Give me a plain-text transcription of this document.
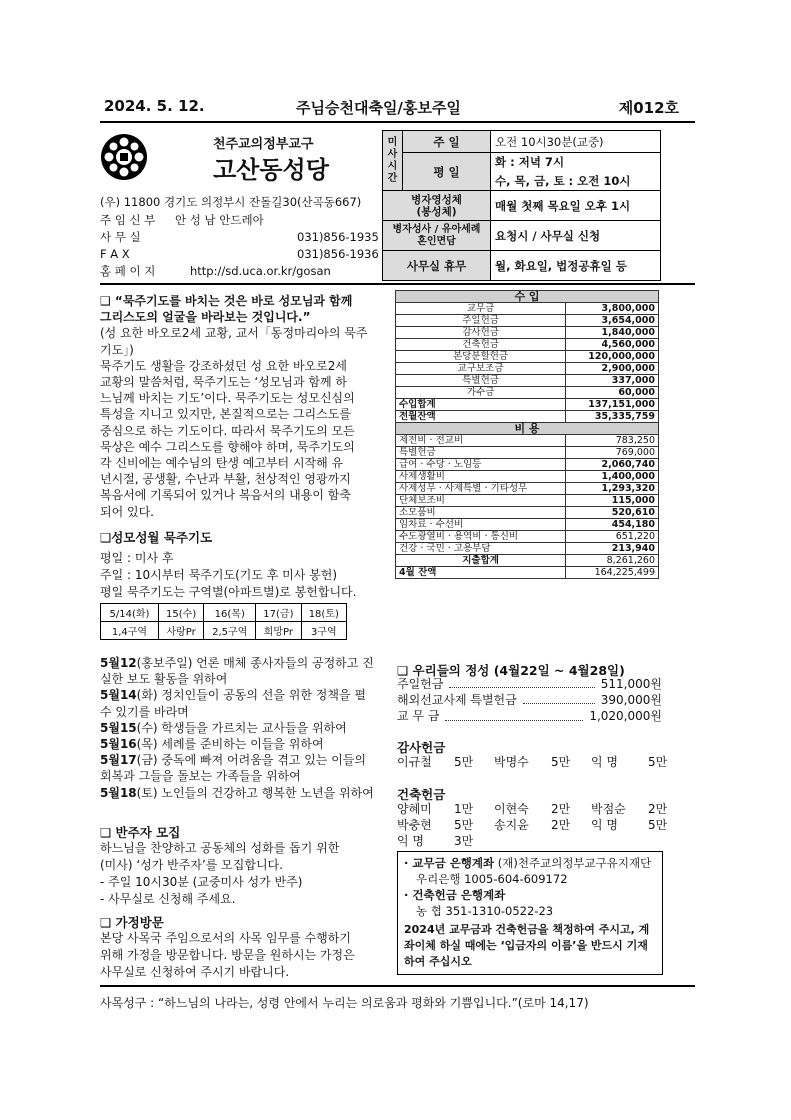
2024. 5. 12.	주님승천대축일/홍보주일	제012호
천주교의정부교구
고산동성당
(우) 11800 경기도 의정부시 잔돌길30(산곡동667)
주 임 신 부 안 성 남 안드레아
사 무 실	031)856-1935
F A X	031)856-1936
홈 페 이 지	http://sd.uca.or.kr/gosan
미
사
시
간	주 일	오전 10시30분(교중)
	평 일	화 : 저녁 7시
		수, 목, 금, 토 : 오전 10시
병자영성체
(봉성체)		매월 첫째 목요일 오후 1시
병자성사 / 유아세례
혼인면담		요청시 / 사무실 신청
사무실 휴무		월, 화요일, 법정공휴일 등
❑ “묵주기도를 바치는 것은 바로 성모님과 함께
그리스도의 얼굴을 바라보는 것입니다.”
(성 요한 바오로2세 교황, 교서「동정마리아의 묵주기도」)
묵주기도 생활을 강조하셨던 성 요한 바오로2세
교황의 말씀처럼, 묵주기도는 ‘성모님과 함께 하
느님께 바치는 기도’이다. 묵주기도는 성모신심의
특성을 지니고 있지만, 본질적으로는 그리스도를
중심으로 하는 기도이다. 따라서 묵주기도의 모든
묵상은 예수 그리스도를 향해야 하며, 묵주기도의
각 신비에는 예수님의 탄생 예고부터 시작해 유
년시절, 공생활, 수난과 부활, 천상적인 영광까지
복음서에 기록되어 있거나 복음서의 내용이 함축
되어 있다.
❑성모성월 묵주기도
평일 : 미사 후
주일 : 10시부터 묵주기도(기도 후 미사 봉헌)
평일 묵주기도는 구역별(아파트별)로 봉헌합니다.
5/14(화)	15(수)	16(목)	17(금)	18(토)
1,4구역	사랑Pr	2,5구역	희망Pr	3구역
5월12(홍보주일) 언론 매체 종사자들의 공정하고 진
실한 보도 활동을 위하여
5월14(화) 정치인들이 공동의 선을 위한 정책을 펼
수 있기를 바라며
5월15(수) 학생들을 가르치는 교사들을 위하여
5월16(목) 세례를 준비하는 이들을 위하여
5월17(금) 중독에 빠져 어려움을 겪고 있는 이들의
회복과 그들을 돌보는 가족들을 위하여
5월18(토) 노인들의 건강하고 행복한 노년을 위하여
❑ 반주자 모집
하느님을 찬양하고 공동체의 성화를 돕기 위한
(미사) ‘성가 반주자’를 모집합니다.
- 주일 10시30분 (교중미사 성가 반주)
- 사무실로 신청해 주세요.
❑ 가정방문
본당 사목국 주임으로서의 사목 임무를 수행하기
위해 가정을 방문합니다. 방문을 원하시는 가정은
사무실로 신청하여 주시기 바랍니다.
수 입	
교무금	3,800,000
주일헌금	3,654,000
감사헌금	1,840,000
건축헌금	4,560,000
본당분할헌금	120,000,000
교구보조금	2,900,000
특별헌금	337,000
가수금	60,000
수입합계	137,151,000
전월잔액	35,335,759
비 용	
제전비 · 전교비	783,250
특별헌금	769,000
급여 · 수당 · 노임등	2,060,740
사제생활비	1,400,000
사제성무 · 사제특별 · 기타성무	1,293,320
단체보조비	115,000
소모품비	520,610
임차료 · 수선비	454,180
수도광열비 · 용역비 · 통신비	651,220
건강 · 국민 · 고용부담	213,940
지출합계	8,261,260
4월 잔액	164,225,499
❑ 우리들의 정성 (4월22일 ~ 4월28일)
주일헌금	511,000원
해외선교사제 특별헌금	390,000원
교 무 금	1,020,000원
감사헌금
이규철	5만 박명수	5만 익 명	5만
건축헌금
양혜미	1만 이현숙	2만 박점순	2만
박충현	5만 송지윤	2만 익 명	5만
익 명	3만
· 교무금 은행계좌 (재)천주교의정부교구유지재단
우리은행 1005-604-609172
· 건축헌금 은행계좌
농 협 351-1310-0522-23
2024년 교무금과 건축헌금을 책정하여 주시고, 계
좌이체 하실 때에는 ‘입금자의 이름’을 반드시 기재
하여 주십시오
사목성구 : “하느님의 나라는, 성령 안에서 누리는 의로움과 평화와 기쁨입니다.”(로마 14,17)
